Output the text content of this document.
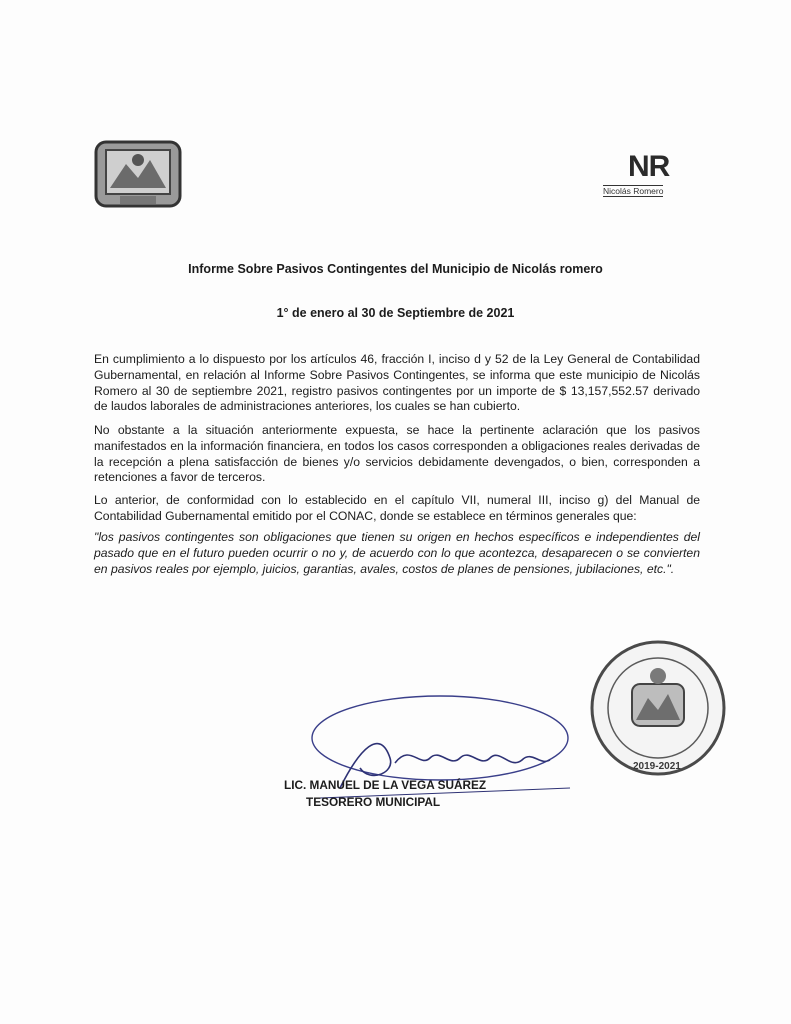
NR
Nicolás Romero
Informe Sobre Pasivos Contingentes del Municipio de Nicolás romero
1° de enero al 30 de Septiembre de 2021
En cumplimiento a lo dispuesto por los artículos 46, fracción I, inciso d y 52 de la Ley General de Contabilidad Gubernamental, en relación al Informe Sobre Pasivos Contingentes, se informa que este municipio de Nicolás Romero al 30 de septiembre 2021, registro pasivos contingentes por un importe de $ 13,157,552.57 derivado de laudos laborales de administraciones anteriores, los cuales se han cubierto.
No obstante a la situación anteriormente expuesta, se hace la pertinente aclaración que los pasivos manifestados en la información financiera, en todos los casos corresponden a obligaciones reales derivadas de la recepción a plena satisfacción de bienes y/o servicios debidamente devengados, o bien, corresponden a retenciones a favor de terceros.
Lo anterior, de conformidad con lo establecido en el capítulo VII, numeral III, inciso g) del Manual de Contabilidad Gubernamental emitido por el CONAC, donde se establece en términos generales que:
"los pasivos contingentes son obligaciones que tienen su origen en hechos específicos e independientes del pasado que en el futuro pueden ocurrir o no y, de acuerdo con lo que acontezca, desaparecen o se convierten en pasivos reales por ejemplo, juicios, garantias, avales, costos de planes de pensiones, jubilaciones, etc.".
LIC. MANUEL DE LA VEGA SUÁREZ
TESORERO MUNICIPAL
2019-2021
